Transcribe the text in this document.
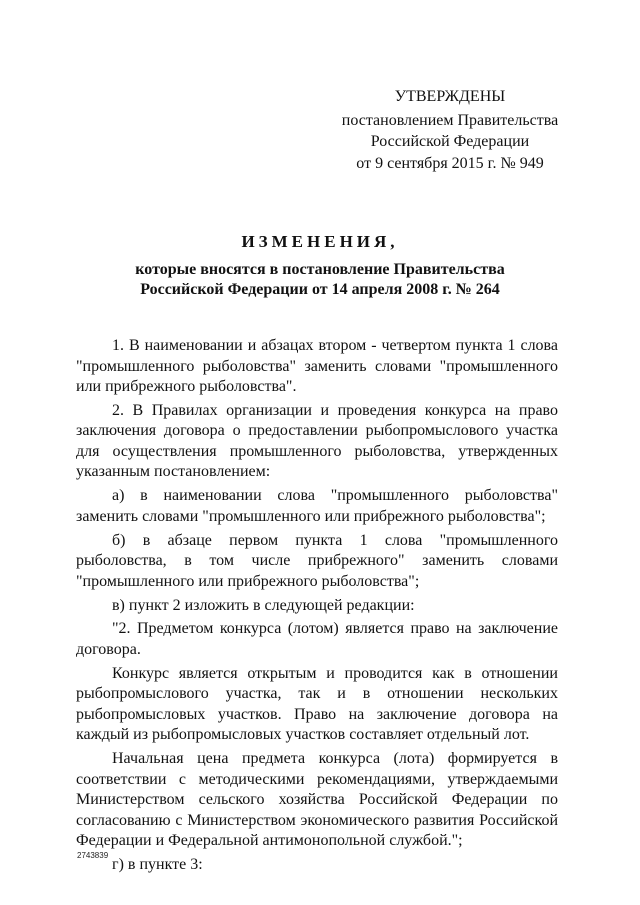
УТВЕРЖДЕНЫ
постановлением Правительства
Российской Федерации
от 9 сентября 2015 г. № 949
ИЗМЕНЕНИЯ,
которые вносятся в постановление Правительства
Российской Федерации от 14 апреля 2008 г. № 264

1. В наименовании и абзацах втором - четвертом пункта 1 слова "промышленного рыболовства" заменить словами "промышленного или прибрежного рыболовства".

2. В Правилах организации и проведения конкурса на право заключения договора о предоставлении рыбопромыслового участка для осуществления промышленного рыболовства, утвержденных указанным постановлением:

а) в наименовании слова "промышленного рыболовства" заменить словами "промышленного или прибрежного рыболовства";

б) в абзаце первом пункта 1 слова "промышленного рыболовства, в том числе прибрежного" заменить словами "промышленного или прибрежного рыболовства";

в) пункт 2 изложить в следующей редакции:

"2. Предметом конкурса (лотом) является право на заключение договора.

Конкурс является открытым и проводится как в отношении рыбопромыслового участка, так и в отношении нескольких рыбопромысловых участков. Право на заключение договора на каждый из рыбопромысловых участков составляет отдельный лот.

Начальная цена предмета конкурса (лота) формируется в соответствии с методическими рекомендациями, утверждаемыми Министерством сельского хозяйства Российской Федерации по согласованию с Министерством экономического развития Российской Федерации и Федеральной антимонопольной службой.";

г) в пункте 3:

2743839
